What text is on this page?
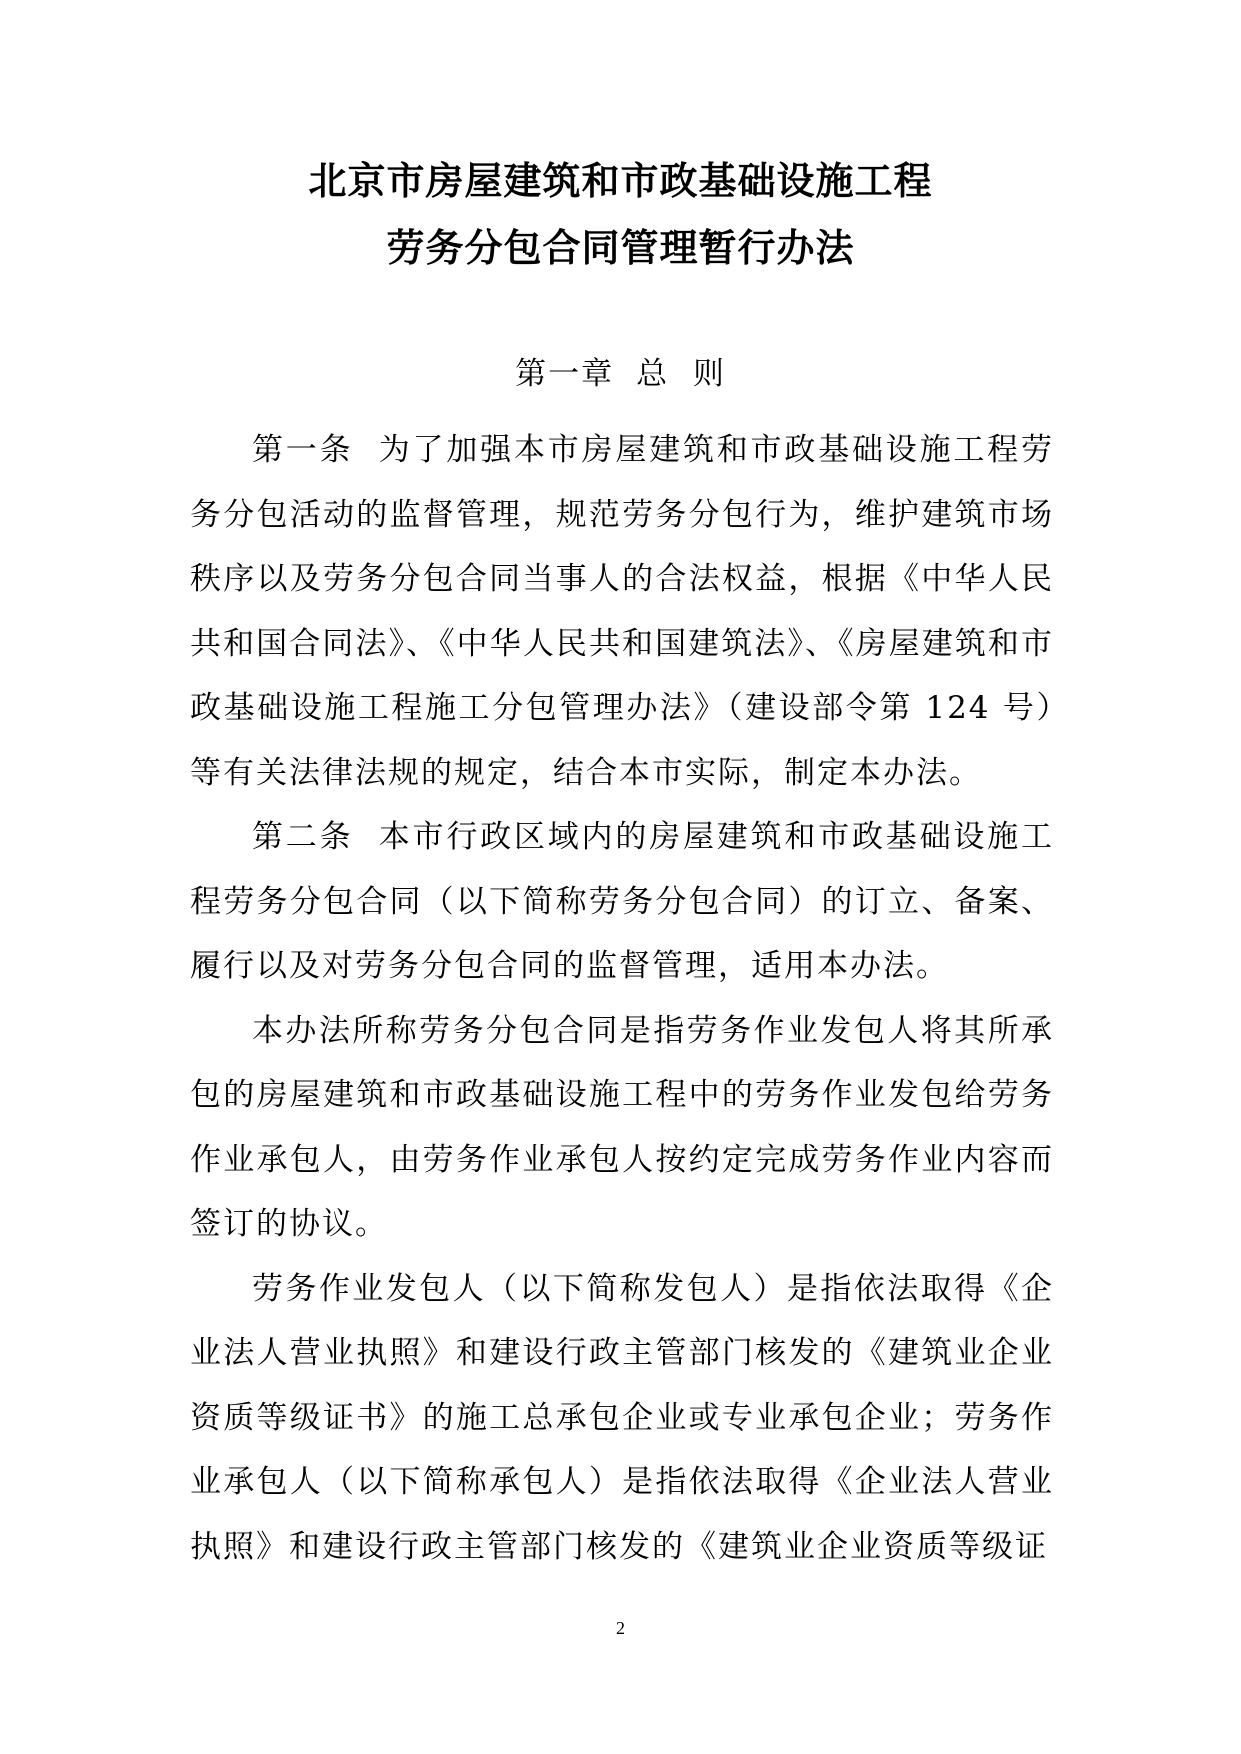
北京市房屋建筑和市政基础设施工程
劳务分包合同管理暂行办法
第一章 总  则

第一条  为了加强本市房屋建筑和市政基础设施工程劳务分包活动的监督管理，规范劳务分包行为，维护建筑市场秩序以及劳务分包合同当事人的合法权益，根据《中华人民共和国合同法》、《中华人民共和国建筑法》、《房屋建筑和市政基础设施工程施工分包管理办法》（建设部令第 124 号）等有关法律法规的规定，结合本市实际，制定本办法。

第二条  本市行政区域内的房屋建筑和市政基础设施工程劳务分包合同（以下简称劳务分包合同）的订立、备案、履行以及对劳务分包合同的监督管理，适用本办法。

本办法所称劳务分包合同是指劳务作业发包人将其所承包的房屋建筑和市政基础设施工程中的劳务作业发包给劳务作业承包人，由劳务作业承包人按约定完成劳务作业内容而签订的协议。

劳务作业发包人（以下简称发包人）是指依法取得《企业法人营业执照》和建设行政主管部门核发的《建筑业企业资质等级证书》的施工总承包企业或专业承包企业；劳务作业承包人（以下简称承包人）是指依法取得《企业法人营业执照》和建设行政主管部门核发的《建筑业企业资质等级证

2
